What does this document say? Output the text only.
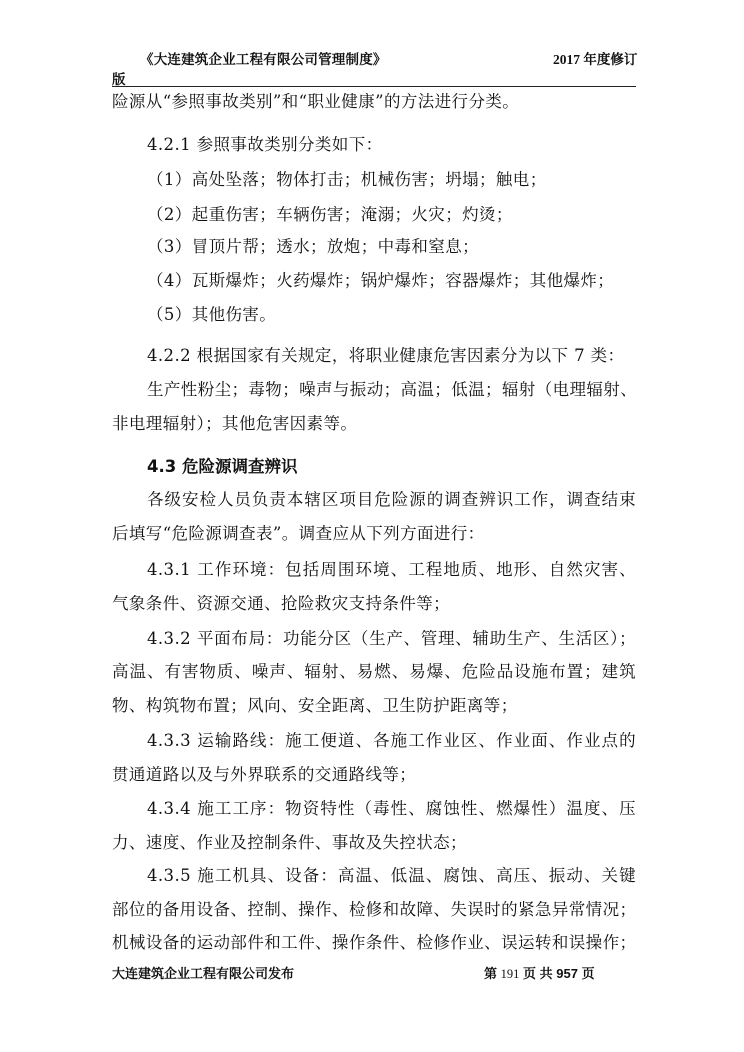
《大连建筑企业工程有限公司管理制度》	2017 年度修订
版
险源从“参照事故类别”和“职业健康”的方法进行分类。
4.2.1 参照事故类别分类如下：
（1）高处坠落；物体打击；机械伤害；坍塌；触电；
（2）起重伤害；车辆伤害；淹溺；火灾；灼烫；
（3）冒顶片帮；透水；放炮；中毒和窒息；
（4）瓦斯爆炸；火药爆炸；锅炉爆炸；容器爆炸；其他爆炸；
（5）其他伤害。
4.2.2 根据国家有关规定，将职业健康危害因素分为以下 7 类：
生产性粉尘；毒物；噪声与振动；高温；低温；辐射（电理辐射、
非电理辐射）；其他危害因素等。
4.3 危险源调查辨识
各级安检人员负责本辖区项目危险源的调查辨识工作，调查结束
后填写“危险源调查表”。调查应从下列方面进行：
4.3.1 工作环境：包括周围环境、工程地质、地形、自然灾害、
气象条件、资源交通、抢险救灾支持条件等；
4.3.2 平面布局：功能分区（生产、管理、辅助生产、生活区）；
高温、有害物质、噪声、辐射、易燃、易爆、危险品设施布置；建筑
物、构筑物布置；风向、安全距离、卫生防护距离等；
4.3.3 运输路线：施工便道、各施工作业区、作业面、作业点的
贯通道路以及与外界联系的交通路线等；
4.3.4 施工工序：物资特性（毒性、腐蚀性、燃爆性）温度、压
力、速度、作业及控制条件、事故及失控状态；
4.3.5 施工机具、设备：高温、低温、腐蚀、高压、振动、关键
部位的备用设备、控制、操作、检修和故障、失误时的紧急异常情况；
机械设备的运动部件和工件、操作条件、检修作业、误运转和误操作；
大连建筑企业工程有限公司发布	第 191 页 共 957 页
